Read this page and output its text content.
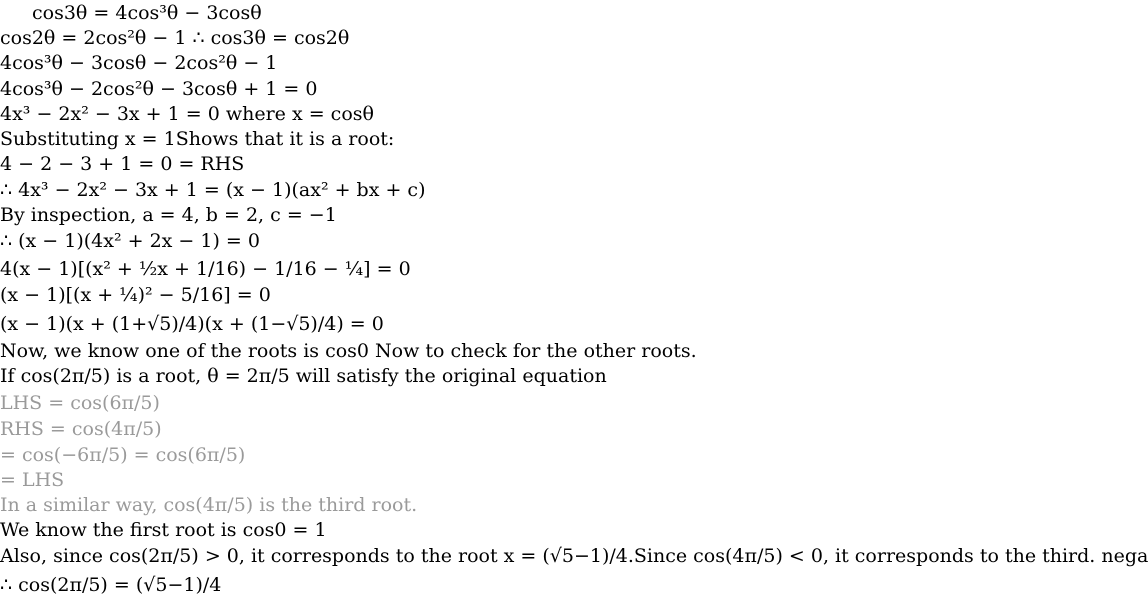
cos3θ = 4cos³θ − 3cosθ
cos2θ = 2cos²θ − 1 ∴ cos3θ = cos2θ
4cos³θ − 3cosθ − 2cos²θ − 1
4cos³θ − 2cos²θ − 3cosθ + 1 = 0
4x³ − 2x² − 3x + 1 = 0 where x = cosθ
Substituting x = 1Shows that it is a root:
4 − 2 − 3 + 1 = 0 = RHS
∴ 4x³ − 2x² − 3x + 1 = (x − 1)(ax² + bx + c)
By inspection, a = 4, b = 2, c = −1
∴ (x − 1)(4x² + 2x − 1) = 0
4(x − 1)[(x² + ½x + 1/16) − 1/16 − ¼] = 0
(x − 1)[(x + ¼)² − 5/16] = 0
(x − 1)(x + (1+√5)/4)(x + (1−√5)/4) = 0
Now, we know one of the roots is cos0 Now to check for the other roots.
If cos(2π/5) is a root, θ = 2π/5 will satisfy the original equation
LHS = cos(6π/5)
RHS = cos(4π/5)
= cos(−6π/5) = cos(6π/5)
= LHS
In a similar way, cos(4π/5) is the third root.
We know the first root is cos0 = 1
Also, since cos(2π/5) > 0, it corresponds to the root x = (√5−1)/4.Since cos(4π/5) < 0, it corresponds to the third. nega
∴ cos(2π/5) = (√5−1)/4
